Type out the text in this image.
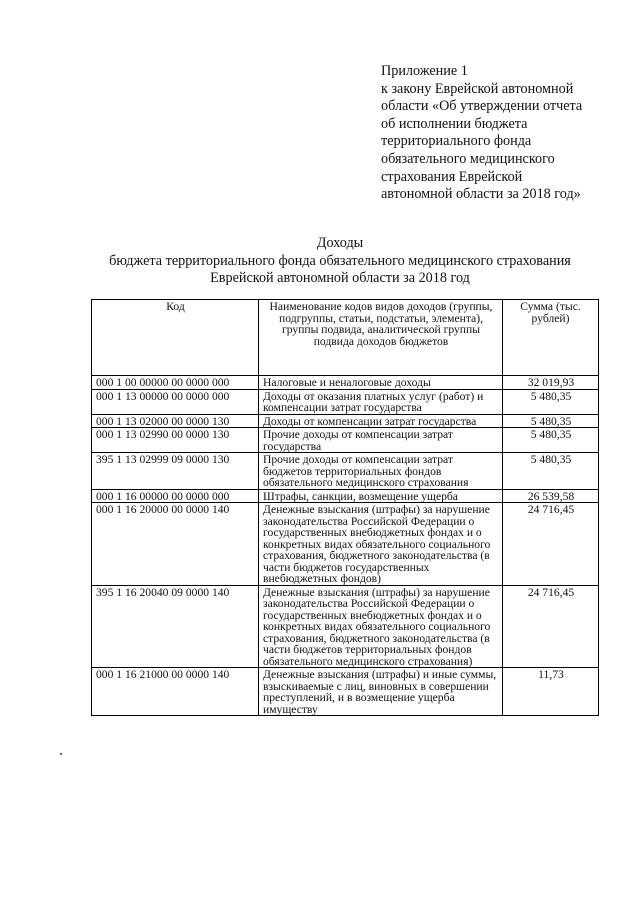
Приложение 1
к закону Еврейской автономной
области «Об утверждении отчета
об исполнении бюджета
территориального фонда
обязательного медицинского
страхования Еврейской
автономной области за 2018 год»
Доходы
бюджета территориального фонда обязательного медицинского страхования
Еврейской автономной области за 2018 год
Код	Наименование кодов видов доходов (группы, подгруппы, статьи, подстатьи, элемента), группы подвида, аналитической группы подвида доходов бюджетов	Сумма (тыс. рублей)
000 1 00 00000 00 0000 000	Налоговые и неналоговые доходы	32 019,93
000 1 13 00000 00 0000 000	Доходы от оказания платных услуг (работ) и компенсации затрат государства	5 480,35
000 1 13 02000 00 0000 130	Доходы от компенсации затрат государства	5 480,35
000 1 13 02990 00 0000 130	Прочие доходы от компенсации затрат государства	5 480,35
395 1 13 02999 09 0000 130	Прочие доходы от компенсации затрат бюджетов территориальных фондов обязательного медицинского страхования	5 480,35
000 1 16 00000 00 0000 000	Штрафы, санкции, возмещение ущерба	26 539,58
000 1 16 20000 00 0000 140	Денежные взыскания (штрафы) за нарушение законодательства Российской Федерации о государственных внебюджетных фондах и о конкретных видах обязательного социального страхования, бюджетного законодательства (в части бюджетов государственных внебюджетных фондов)	24 716,45
395 1 16 20040 09 0000 140	Денежные взыскания (штрафы) за нарушение законодательства Российской Федерации о государственных внебюджетных фондах и о конкретных видах обязательного социального страхования, бюджетного законодательства (в части бюджетов территориальных фондов обязательного медицинского страхования)	24 716,45
000 1 16 21000 00 0000 140	Денежные взыскания (штрафы) и иные суммы, взыскиваемые с лиц, виновных в совершении преступлений, и в возмещение ущерба имуществу	11,73
